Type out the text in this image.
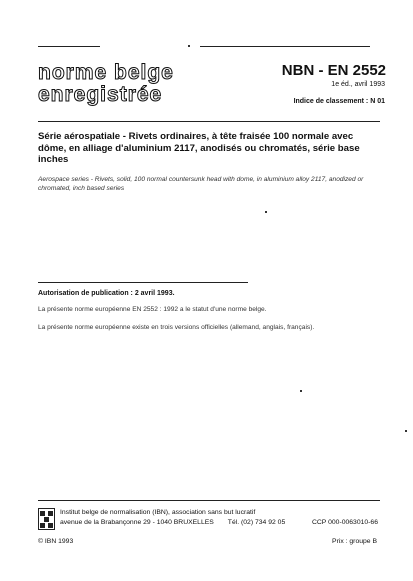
norme belge
enregistrée
NBN - EN 2552
1e éd., avril 1993
Indice de classement : N 01
Série aérospatiale - Rivets ordinaires, à tête fraisée 100 normale avec dôme, en alliage d'aluminium 2117, anodisés ou chromatés, série base inches
Aerospace series - Rivets, solid, 100 normal countersunk head with dome, in aluminium alloy 2117, anodized or chromated, inch based series
Autorisation de publication : 2 avril 1993.
La présente norme européenne EN 2552 : 1992 a le statut d'une norme belge.
La présente norme européenne existe en trois versions officielles (allemand, anglais, français).
Institut belge de normalisation (IBN), association sans but lucratif
avenue de la Brabançonne 29 - 1040 BRUXELLES Tél. (02) 734 92 05	CCP 000-0063010-66
© IBN 1993	Prix : groupe B
